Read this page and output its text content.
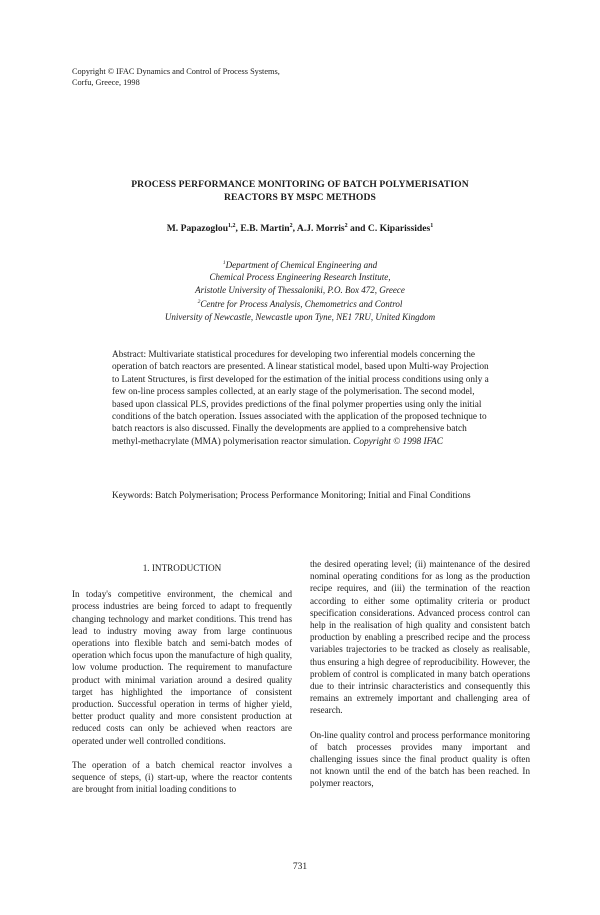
Copyright © IFAC Dynamics and Control of Process Systems,
Corfu, Greece, 1998
PROCESS PERFORMANCE MONITORING OF BATCH POLYMERISATION
REACTORS BY MSPC METHODS
M. Papazoglou$^{1,2}$, E.B. Martin$^2$, A.J. Morris$^2$ and C. Kiparissides$^1$
$^1$Department of Chemical Engineering and
Chemical Process Engineering Research Institute,
Aristotle University of Thessaloniki, P.O. Box 472, Greece
$^2$Centre for Process Analysis, Chemometrics and Control
University of Newcastle, Newcastle upon Tyne, NE1 7RU, United Kingdom
Abstract: Multivariate statistical procedures for developing two inferential models concerning the operation of batch reactors are presented. A linear statistical model, based upon Multi-way Projection to Latent Structures, is first developed for the estimation of the initial process conditions using only a few on-line process samples collected, at an early stage of the polymerisation. The second model, based upon classical PLS, provides predictions of the final polymer properties using only the initial conditions of the batch operation. Issues associated with the application of the proposed technique to batch reactors is also discussed. Finally the developments are applied to a comprehensive batch methyl-methacrylate (MMA) polymerisation reactor simulation. Copyright © 1998 IFAC
Keywords: Batch Polymerisation; Process Performance Monitoring; Initial and Final Conditions
1. INTRODUCTION

In today's competitive environment, the chemical and process industries are being forced to adapt to frequently changing technology and market conditions. This trend has lead to industry moving away from large continuous operations into flexible batch and semi-batch modes of operation which focus upon the manufacture of high quality, low volume production. The requirement to manufacture product with minimal variation around a desired quality target has highlighted the importance of consistent production. Successful operation in terms of higher yield, better product quality and more consistent production at reduced costs can only be achieved when reactors are operated under well controlled conditions.

The operation of a batch chemical reactor involves a sequence of steps, (i) start-up, where the reactor contents are brought from initial loading conditions to

the desired operating level; (ii) maintenance of the desired nominal operating conditions for as long as the production recipe requires, and (iii) the termination of the reaction according to either some optimality criteria or product specification considerations. Advanced process control can help in the realisation of high quality and consistent batch production by enabling a prescribed recipe and the process variables trajectories to be tracked as closely as realisable, thus ensuring a high degree of reproducibility. However, the problem of control is complicated in many batch operations due to their intrinsic characteristics and consequently this remains an extremely important and challenging area of research.

On-line quality control and process performance monitoring of batch processes provides many important and challenging issues since the final product quality is often not known until the end of the batch has been reached. In polymer reactors,

731
